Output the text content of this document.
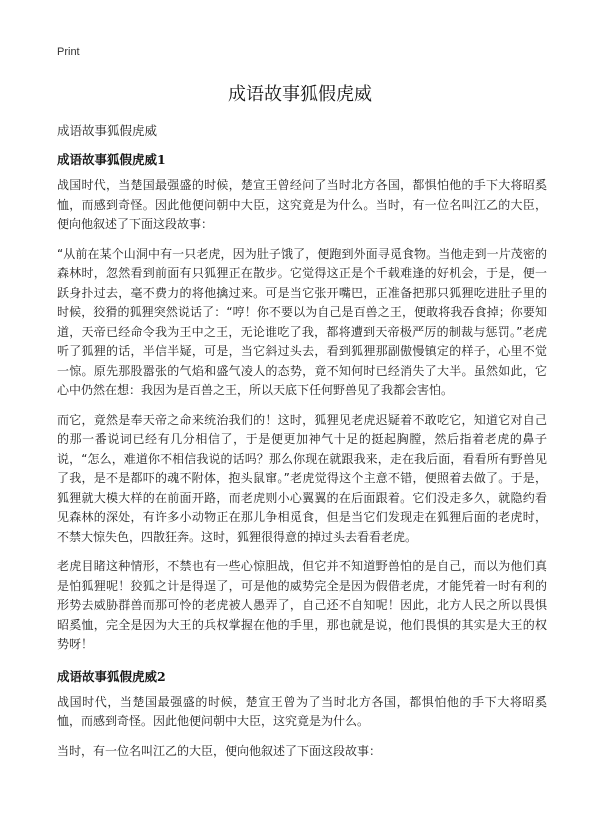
Print
成语故事狐假虎威
成语故事狐假虎威
成语故事狐假虎威1

战国时代，当楚国最强盛的时候，楚宣王曾经问了当时北方各国，都惧怕他的手下大将昭奚恤，而感到奇怪。因此他便问朝中大臣，这究竟是为什么。当时，有一位名叫江乙的大臣，便向他叙述了下面这段故事：

“从前在某个山洞中有一只老虎，因为肚子饿了，便跑到外面寻觅食物。当他走到一片茂密的森林时，忽然看到前面有只狐狸正在散步。它觉得这正是个千载难逢的好机会，于是，便一跃身扑过去，毫不费力的将他擒过来。可是当它张开嘴巴，正准备把那只狐狸吃进肚子里的时候，狡猾的狐狸突然说话了：“哼！你不要以为自己是百兽之王，便敢将我吞食掉；你要知道，天帝已经命令我为王中之王，无论谁吃了我，都将遭到天帝极严厉的制裁与惩罚。”老虎听了狐狸的话，半信半疑，可是，当它斜过头去，看到狐狸那副傲慢镇定的样子，心里不觉一惊。原先那股嚣张的气焰和盛气凌人的态势，竟不知何时已经消失了大半。虽然如此，它心中仍然在想：我因为是百兽之王，所以天底下任何野兽见了我都会害怕。

而它，竟然是奉天帝之命来统治我们的！这时，狐狸见老虎迟疑着不敢吃它，知道它对自己的那一番说词已经有几分相信了，于是便更加神气十足的挺起胸膛，然后指着老虎的鼻子说，“怎么，难道你不相信我说的话吗？那么你现在就跟我来，走在我后面，看看所有野兽见了我，是不是都吓的魂不附体，抱头鼠窜。”老虎觉得这个主意不错，便照着去做了。于是，狐狸就大模大样的在前面开路，而老虎则小心翼翼的在后面跟着。它们没走多久，就隐约看见森林的深处，有许多小动物正在那儿争相觅食，但是当它们发现走在狐狸后面的老虎时，不禁大惊失色，四散狂奔。这时，狐狸很得意的掉过头去看看老虎。

老虎目睹这种情形，不禁也有一些心惊胆战，但它并不知道野兽怕的是自己，而以为他们真是怕狐狸呢！狡狐之计是得逞了，可是他的威势完全是因为假借老虎，才能凭着一时有利的形势去威胁群兽而那可怜的老虎被人愚弄了，自己还不自知呢！因此，北方人民之所以畏惧昭奚恤，完全是因为大王的兵权掌握在他的手里，那也就是说，他们畏惧的其实是大王的权势呀！

成语故事狐假虎威2

战国时代，当楚国最强盛的时候，楚宣王曾为了当时北方各国，都惧怕他的手下大将昭奚恤，而感到奇怪。因此他便问朝中大臣，这究竟是为什么。

当时，有一位名叫江乙的大臣，便向他叙述了下面这段故事：
